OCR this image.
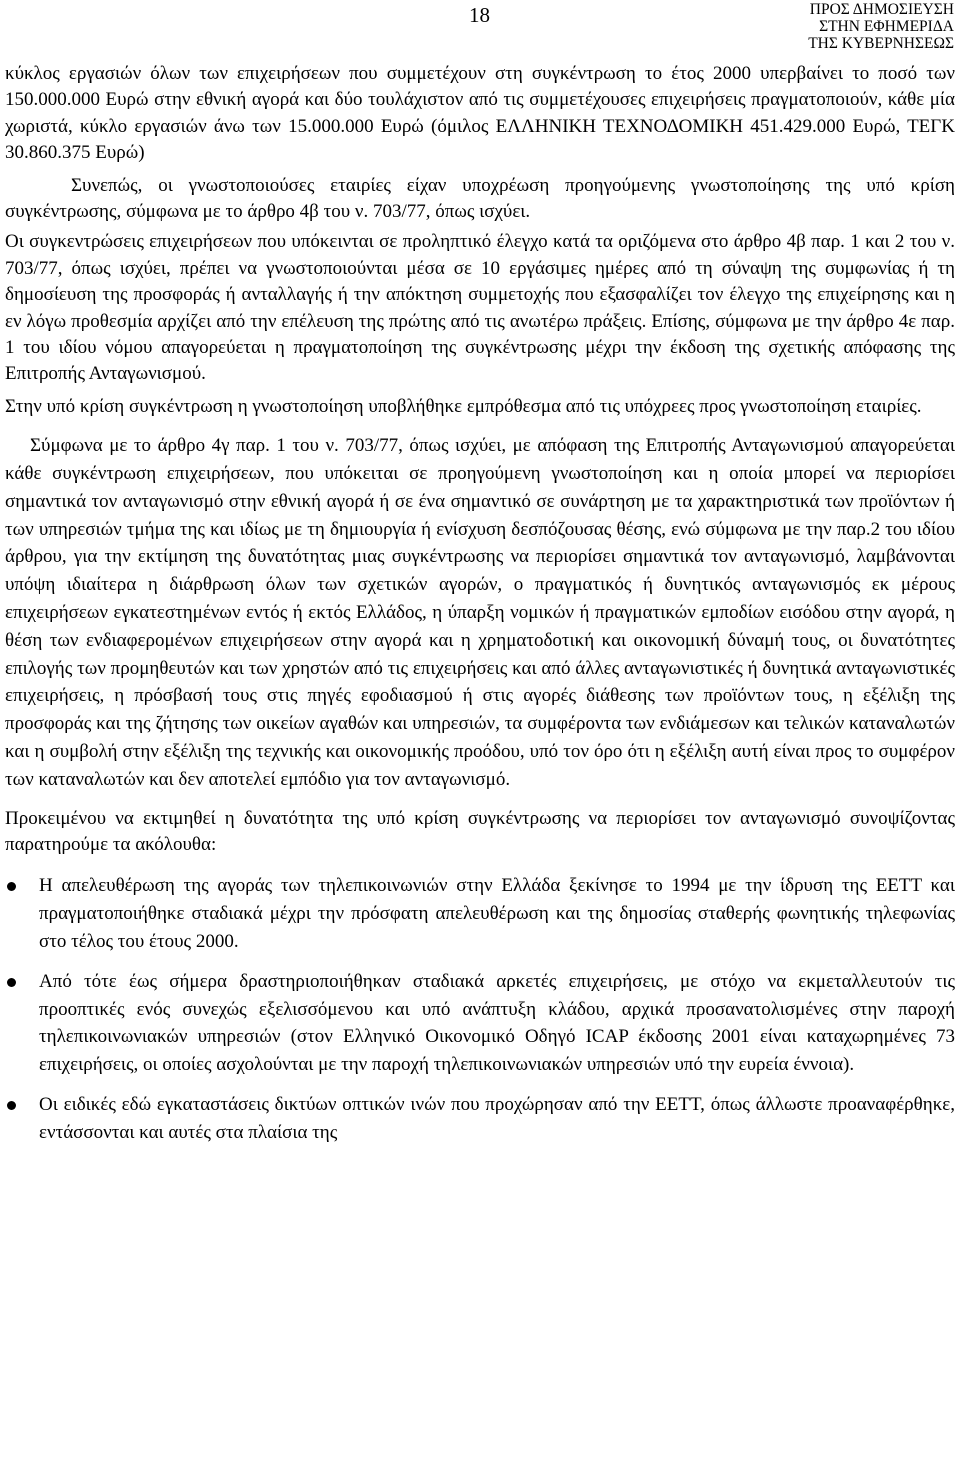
18	ΠΡΟΣ ΔΗΜΟΣΙΕΥΣΗ
ΣΤΗΝ ΕΦΗΜΕΡΙΔΑ
ΤΗΣ ΚΥΒΕΡΝΗΣΕΩΣ

κύκλος εργασιών όλων των επιχειρήσεων που συμμετέχουν στη συγκέντρωση το έτος 2000 υπερβαίνει το ποσό των 150.000.000 Ευρώ στην εθνική αγορά και δύο τουλάχιστον από τις συμμετέχουσες επιχειρήσεις πραγματοποιούν, κάθε μία χωριστά, κύκλο εργασιών άνω των 15.000.000 Ευρώ (όμιλος ΕΛΛΗΝΙΚΗ ΤΕΧΝΟΔΟΜΙΚΗ 451.429.000 Ευρώ, ΤΕΓΚ 30.860.375 Ευρώ)

Συνεπώς, οι γνωστοποιούσες εταιρίες είχαν υποχρέωση προηγούμενης γνωστοποίησης της υπό κρίση συγκέντρωσης, σύμφωνα με το άρθρο 4β του ν. 703/77, όπως ισχύει.

Οι συγκεντρώσεις επιχειρήσεων που υπόκεινται σε προληπτικό έλεγχο κατά τα οριζόμενα στο άρθρο 4β παρ. 1 και 2 του ν. 703/77, όπως ισχύει, πρέπει να γνωστοποιούνται μέσα σε 10 εργάσιμες ημέρες από τη σύναψη της συμφωνίας ή τη δημοσίευση της προσφοράς ή ανταλλαγής ή την απόκτηση συμμετοχής που εξασφαλίζει τον έλεγχο της επιχείρησης και η εν λόγω προθεσμία αρχίζει από την επέλευση της πρώτης από τις ανωτέρω πράξεις. Επίσης, σύμφωνα με την άρθρο 4ε παρ. 1 του ιδίου νόμου απαγορεύεται η πραγματοποίηση της συγκέντρωσης μέχρι την έκδοση της σχετικής απόφασης της Επιτροπής Ανταγωνισμού.

Στην υπό κρίση συγκέντρωση η γνωστοποίηση υποβλήθηκε εμπρόθεσμα από τις υπόχρεες προς γνωστοποίηση εταιρίες.

Σύμφωνα με το άρθρο 4γ παρ. 1 του ν. 703/77, όπως ισχύει, με απόφαση της Επιτροπής Ανταγωνισμού απαγορεύεται κάθε συγκέντρωση επιχειρήσεων, που υπόκειται σε προηγούμενη γνωστοποίηση και η οποία μπορεί να περιορίσει σημαντικά τον ανταγωνισμό στην εθνική αγορά ή σε ένα σημαντικό σε συνάρτηση με τα χαρακτηριστικά των προϊόντων ή των υπηρεσιών τμήμα της και ιδίως με τη δημιουργία ή ενίσχυση δεσπόζουσας θέσης, ενώ σύμφωνα με την παρ.2 του ιδίου άρθρου, για την εκτίμηση της δυνατότητας μιας συγκέντρωσης να περιορίσει σημαντικά τον ανταγωνισμό, λαμβάνονται υπόψη ιδιαίτερα η διάρθρωση όλων των σχετικών αγορών, ο πραγματικός ή δυνητικός ανταγωνισμός εκ μέρους επιχειρήσεων εγκατεστημένων εντός ή εκτός Ελλάδος, η ύπαρξη νομικών ή πραγματικών εμποδίων εισόδου στην αγορά, η θέση των ενδιαφερομένων επιχειρήσεων στην αγορά και η χρηματοδοτική και οικονομική δύναμή τους, οι δυνατότητες επιλογής των προμηθευτών και των χρηστών από τις επιχειρήσεις και από άλλες ανταγωνιστικές ή δυνητικά ανταγωνιστικές επιχειρήσεις, η πρόσβασή τους στις πηγές εφοδιασμού ή στις αγορές διάθεσης των προϊόντων τους, η εξέλιξη της προσφοράς και της ζήτησης των οικείων αγαθών και υπηρεσιών, τα συμφέροντα των ενδιάμεσων και τελικών καταναλωτών και η συμβολή στην εξέλιξη της τεχνικής και οικονομικής προόδου, υπό τον όρο ότι η εξέλιξη αυτή είναι προς το συμφέρον των καταναλωτών και δεν αποτελεί εμπόδιο για τον ανταγωνισμό.

Προκειμένου να εκτιμηθεί η δυνατότητα της υπό κρίση συγκέντρωσης να περιορίσει τον ανταγωνισμό συνοψίζοντας παρατηρούμε τα ακόλουθα:

Η απελευθέρωση της αγοράς των τηλεπικοινωνιών στην Ελλάδα ξεκίνησε το 1994 με την ίδρυση της ΕΕΤΤ και πραγματοποιήθηκε σταδιακά μέχρι την πρόσφατη απελευθέρωση και της δημοσίας σταθερής φωνητικής τηλεφωνίας στο τέλος του έτους 2000.
Από τότε έως σήμερα δραστηριοποιήθηκαν σταδιακά αρκετές επιχειρήσεις, με στόχο να εκμεταλλευτούν τις προοπτικές ενός συνεχώς εξελισσόμενου και υπό ανάπτυξη κλάδου, αρχικά προσανατολισμένες στην παροχή τηλεπικοινωνιακών υπηρεσιών (στον Ελληνικό Οικονομικό Οδηγό ICAP έκδοσης 2001 είναι καταχωρημένες 73 επιχειρήσεις, οι οποίες ασχολούνται με την παροχή τηλεπικοινωνιακών υπηρεσιών υπό την ευρεία έννοια).
Οι ειδικές εδώ εγκαταστάσεις δικτύων οπτικών ινών που προχώρησαν από την ΕΕΤΤ, όπως άλλωστε προαναφέρθηκε, εντάσσονται και αυτές στα πλαίσια της
